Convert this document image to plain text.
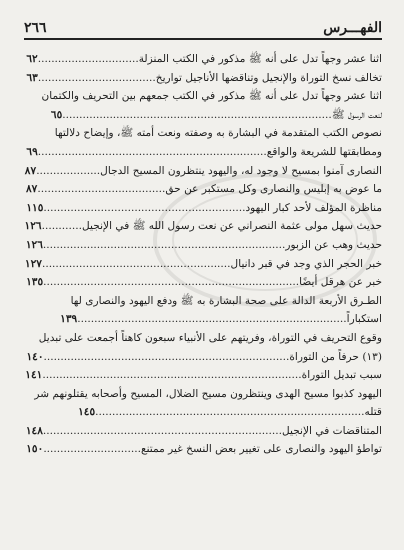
الفهـــرس
٢٦٦
اثنا عشر وجهاً تدل على أنه ﷺ مذكور في الكتب المنزلة..............................٦٢
تخالف نسخ التوراة والإنجيل وتناقضها الأناجيل تواريخ...................................٦٣
اثنا عشر وجهاً تدل على أنه ﷺ مذكور في الكتب جمعهم بين التحريف والكتمان
لنعت الرسول ﷺ................................................................................٦٥
نصوص الكتب المتقدمة في البشارة به وصفته ونعت أمته ﷺ، وإيضاح دلالتها
ومطابقتها للشريعة والواقع....................................................................٦٩
النصارى آمنوا بمسيح لا وجود له، واليهود ينتظرون المسيح الدجال...................٨٧
ما عوض به إبليس والنصارى وكل مستكبر عن حق......................................٨٧
مناظرة المؤلف لأحد كبار اليهود............................................................١١٥
حديث سهل مولى عثمة النصراني عن نعت رسول الله ﷺ في الإنجيل............١٢٦
حديث وهب عن الزبور........................................................................١٢٦
خبر الحجر الذي وجد في قبر دانيال........................................................١٢٧
خبر عن هرقل أيضًا............................................................................١٣٥
الطـرق الأربعة الدالة على صحة البشارة به ﷺ ودفع اليهود والنصارى لها
استكباراً................................................................................١٣٩
وقوع التحريف في التوراة، وفريتهم على الأنبياء سبعون كاهناً أجمعت على تبديل
(١٣) حرفاً من التوراة.........................................................................١٤٠
سبب تبديل التوراة.............................................................................١٤١
اليهود كذبوا مسيح الهدى وينتظرون مسيح الضلال، المسيح وأصحابه يقتلونهم شر
قتله................................................................................١٤٥
المتناقضات في الإنجيل.......................................................................١٤٨
تواطؤ اليهود والنصارى على تغيير بعض النسخ غير ممتنع.............................١٥٠
